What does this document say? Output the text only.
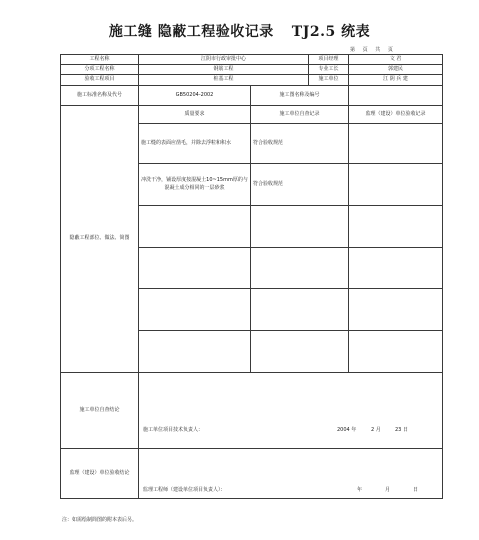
施工缝 隐蔽工程验收记录 TJ2.5 统表
第 页 共 页
工程名称	江阴市行政审批中心		项目经理	文 君
分项工程名称	钢筋工程		专业工长	郭建民
验收工程项目	桩基工程		施工单位	江 阴 兵 建
施工标准名称及代号	GB50204-2002	施工图名称及编号		
隐蔽工程部位、做法、简图	质量要求	施工单位自查记录		监理（建设）单位验收记录
	施工缝的表面应凿毛，并除去浮粒和积水	符合验收规范		
	冲洗干净，铺设厚度按混凝土10~15mm厚的与混凝土成分相同的一层砂浆	符合验收规范		

施工单位自查结论	施工单位项目技术负责人： 2004 年 2 月 23 日			

监理（建设）单位验收结论	监理工程师（建设单位项目负责人）： 年 月 日			
注：如需绘制简图的附本表后另。
